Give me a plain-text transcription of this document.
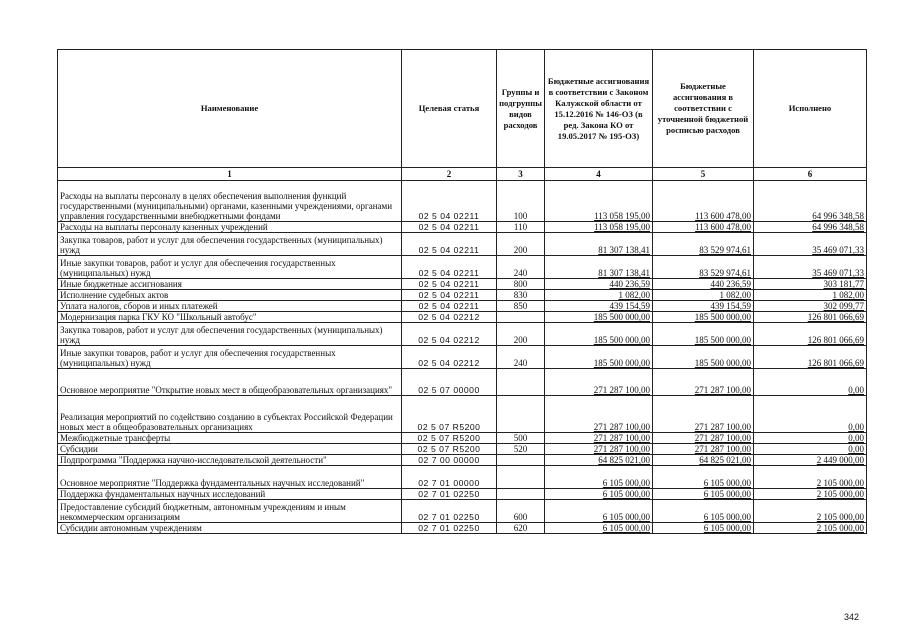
Наименование	Целевая статья	Группы и подгруппы видов расходов	Бюджетные ассигнования в соответствии с Законом Калужской области от 15.12.2016 № 146-ОЗ (в ред. Закона КО от 19.05.2017 № 195-ОЗ)	Бюджетные ассигнования в соответствии с уточненной бюджетной росписью расходов	Исполнено
1	2	3	4	5	6
Расходы на выплаты персоналу в целях обеспечения выполнения функций государственными (муниципальными) органами, казенными учреждениями, органами управления государственными внебюджетными фондами	02 5 04 02211	100	113 058 195,00	113 600 478,00	64 996 348,58
Расходы на выплаты персоналу казенных учреждений	02 5 04 02211	110	113 058 195,00	113 600 478,00	64 996 348,58
Закупка товаров, работ и услуг для обеспечения государственных (муниципальных) нужд	02 5 04 02211	200	81 307 138,41	83 529 974,61	35 469 071,33
Иные закупки товаров, работ и услуг для обеспечения государственных (муниципальных) нужд	02 5 04 02211	240	81 307 138,41	83 529 974,61	35 469 071,33
Иные бюджетные ассигнования	02 5 04 02211	800	440 236,59	440 236,59	303 181,77
Исполнение судебных актов	02 5 04 02211	830	1 082,00	1 082,00	1 082,00
Уплата налогов, сборов и иных платежей	02 5 04 02211	850	439 154,59	439 154,59	302 099,77
Модернизация парка ГКУ КО "Школьный автобус"	02 5 04 02212		185 500 000,00	185 500 000,00	126 801 066,69
Закупка товаров, работ и услуг для обеспечения государственных (муниципальных) нужд	02 5 04 02212	200	185 500 000,00	185 500 000,00	126 801 066,69
Иные закупки товаров, работ и услуг для обеспечения государственных (муниципальных) нужд	02 5 04 02212	240	185 500 000,00	185 500 000,00	126 801 066,69
Основное мероприятие "Открытие новых мест в общеобразовательных организациях"	02 5 07 00000		271 287 100,00	271 287 100,00	0,00
Реализация мероприятий по содействию созданию в субъектах Российской Федерации новых мест в общеобразовательных организациях	02 5 07 R5200		271 287 100,00	271 287 100,00	0,00
Межбюджетные трансферты	02 5 07 R5200	500	271 287 100,00	271 287 100,00	0,00
Субсидии	02 5 07 R5200	520	271 287 100,00	271 287 100,00	0,00
Подпрограмма "Поддержка научно-исследовательской деятельности"	02 7 00 00000		64 825 021,00	64 825 021,00	2 449 000,00
Основное мероприятие "Поддержка фундаментальных научных исследований"	02 7 01 00000		6 105 000,00	6 105 000,00	2 105 000,00
Поддержка фундаментальных научных исследований	02 7 01 02250		6 105 000,00	6 105 000,00	2 105 000,00
Предоставление субсидий бюджетным, автономным учреждениям и иным некоммерческим организациям	02 7 01 02250	600	6 105 000,00	6 105 000,00	2 105 000,00
Субсидии автономным учреждениям	02 7 01 02250	620	6 105 000,00	6 105 000,00	2 105 000,00
342
